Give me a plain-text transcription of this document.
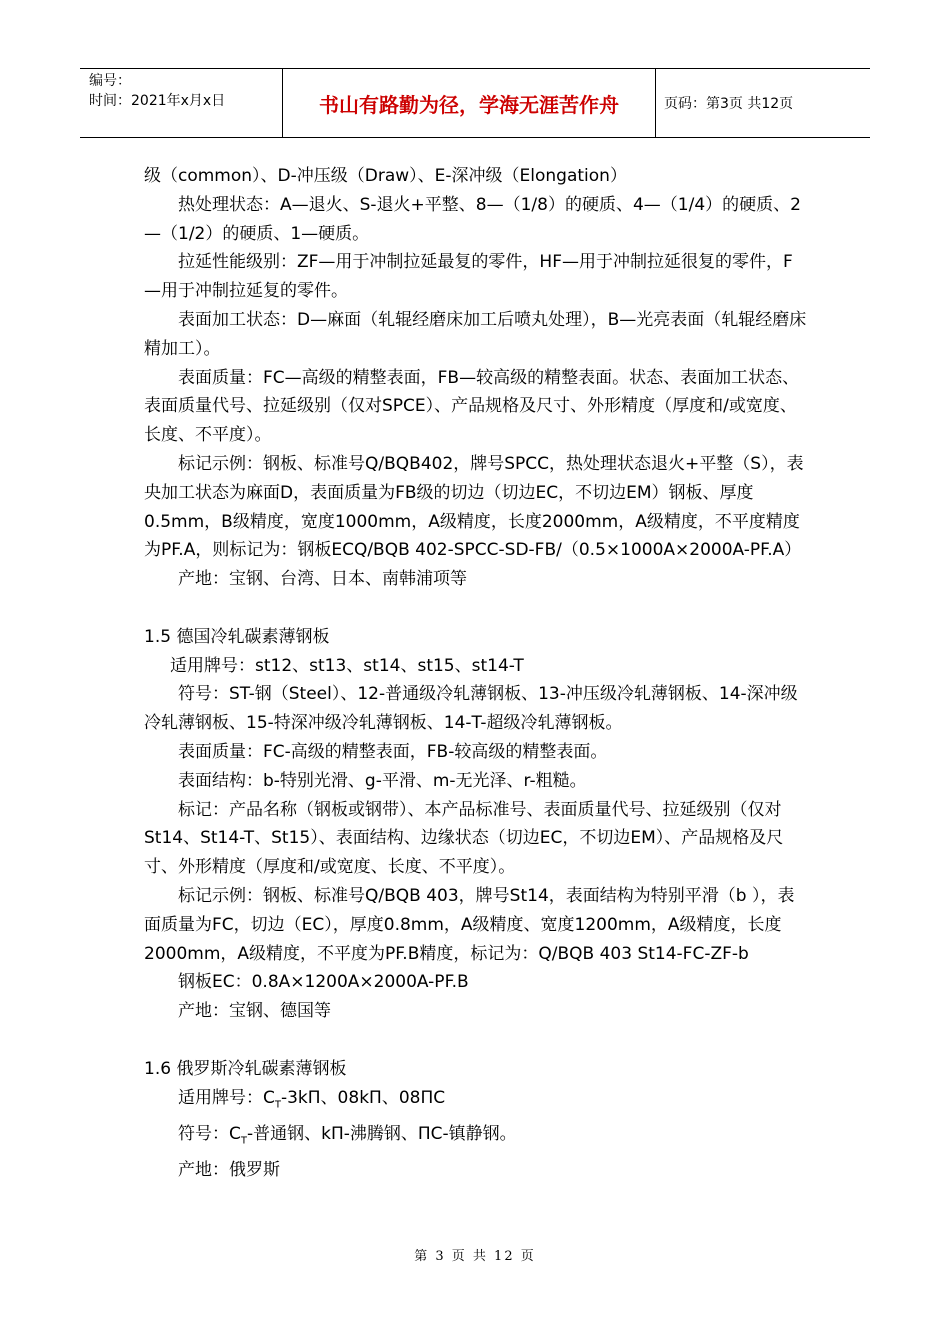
编号：
时间：2021年x月x日	书山有路勤为径，学海无涯苦作舟	页码：第3页 共12页

级（common）、D-冲压级（Draw）、E-深冲级（Elongation）

热处理状态：A—退火、S-退火+平整、8—（1/8）的硬质、4—（1/4）的硬质、2—（1/2）的硬质、1—硬质。

拉延性能级别：ZF—用于冲制拉延最复的零件，HF—用于冲制拉延很复的零件，F—用于冲制拉延复的零件。

表面加工状态：D—麻面（轧辊经磨床加工后喷丸处理），B—光亮表面（轧辊经磨床精加工）。

表面质量：FC—高级的精整表面，FB—较高级的精整表面。状态、表面加工状态、表面质量代号、拉延级别（仅对SPCE）、产品规格及尺寸、外形精度（厚度和/或宽度、长度、不平度）。

标记示例：钢板、标准号Q/BQB402，牌号SPCC，热处理状态退火+平整（S），表央加工状态为麻面D，表面质量为FB级的切边（切边EC，不切边EM）钢板、厚度0.5mm，B级精度，宽度1000mm，A级精度，长度2000mm，A级精度，不平度精度为PF.A，则标记为：钢板ECQ/BQB 402-SPCC-SD-FB/（0.5×1000A×2000A-PF.A）

产地：宝钢、台湾、日本、南韩浦项等

1.5 德国冷轧碳素薄钢板

适用牌号：st12、st13、st14、st15、st14-T

符号：ST-钢（Steel）、12-普通级冷轧薄钢板、13-冲压级冷轧薄钢板、14-深冲级冷轧薄钢板、15-特深冲级冷轧薄钢板、14-T-超级冷轧薄钢板。

表面质量：FC-高级的精整表面，FB-较高级的精整表面。

表面结构：b-特别光滑、g-平滑、m-无光泽、r-粗糙。

标记：产品名称（钢板或钢带）、本产品标准号、表面质量代号、拉延级别（仅对St14、St14-T、St15）、表面结构、边缘状态（切边EC，不切边EM）、产品规格及尺寸、外形精度（厚度和/或宽度、长度、不平度）。

标记示例：钢板、标准号Q/BQB 403，牌号St14，表面结构为特别平滑（b ），表面质量为FC，切边（EC），厚度0.8mm，A级精度、宽度1200mm，A级精度，长度2000mm，A级精度，不平度为PF.B精度，标记为：Q/BQB 403 St14-FC-ZF-b

钢板EC：0.8A×1200A×2000A-PF.B

产地：宝钢、德国等

1.6 俄罗斯冷轧碳素薄钢板

适用牌号：$C_T-3kП$、08kП、08ПC

符号：$C_T-$普通钢、kП-沸腾钢、ПC-镇静钢。

产地：俄罗斯

第 3 页 共 12 页
